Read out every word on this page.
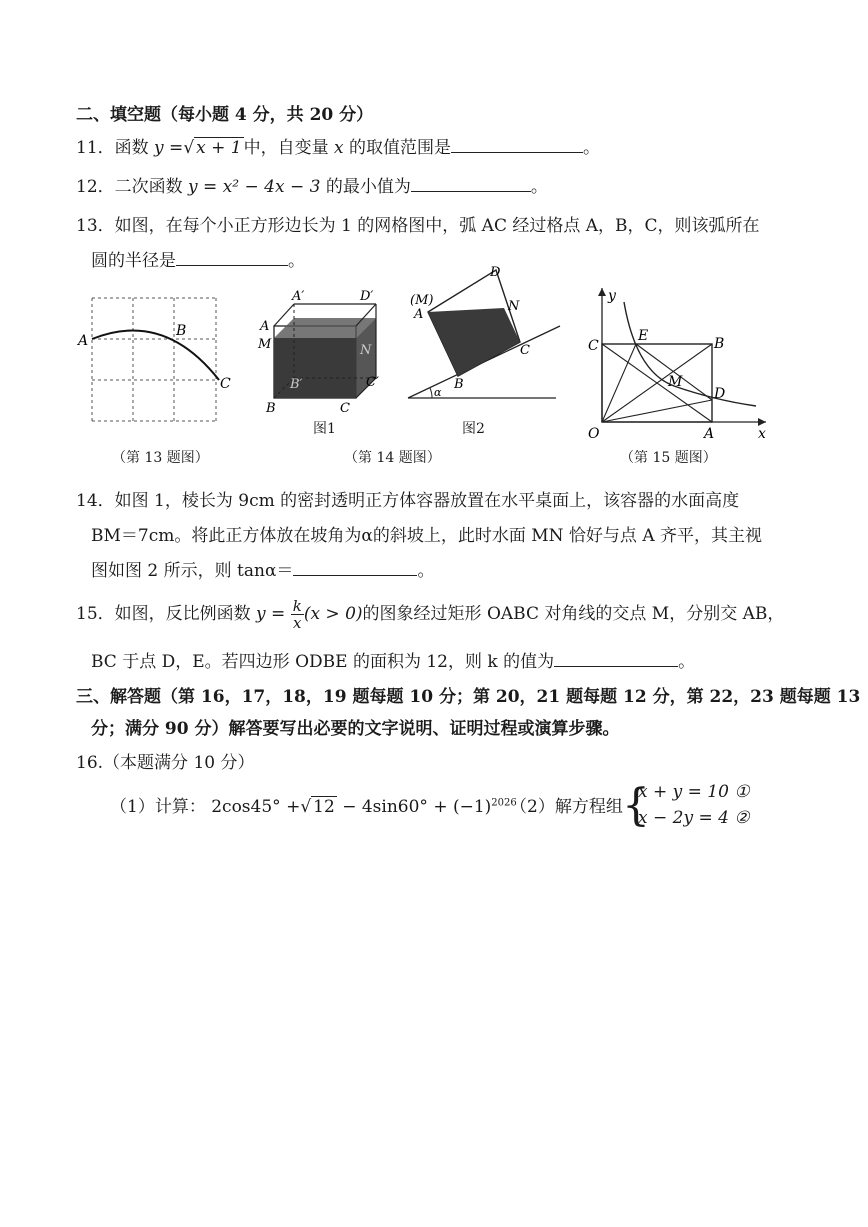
二、填空题（每小题 4 分，共 20 分）
11．函数 y =√ x + 1 中，自变量 x 的取值范围是	。
12．二次函数 y = x² − 4x − 3 的最小值为	。
13．如图，在每个小正方形边长为 1 的网格图中，弧 AC 经过格点 A，B，C，则该弧所在
圆的半径是	。
A
B
C
（第 13 题图）
A′	D′
A
M	N
B′	C′
B	C
图1
(M)
A
D
N
C
B
α
图2
（第 14 题图）
y
C
E	B
M
D
O	A	x
（第 15 题图）
14．如图 1，棱长为 9cm 的密封透明正方体容器放置在水平桌面上，该容器的水面高度
BM＝7cm。将此正方体放在坡角为α的斜坡上，此时水面 MN 恰好与点 A 齐平，其主视
图如图 2 所示，则 tanα＝	。
15．如图，反比例函数 $y = \frac{k}{x} (x > 0)$的图象经过矩形 OABC 对角线的交点 M，分别交 AB，
BC 于点 D，E。若四边形 ODBE 的面积为 12，则 k 的值为	。
三、解答题（第 16，17，18，19 题每题 10 分；第 20，21 题每题 12 分，第 22，23 题每题 13
分；满分 90 分）解答要写出必要的文字说明、证明过程或演算步骤。
16.（本题满分 10 分）
（1）计算： 2cos45° +√ $12 - 4\sin 60^\circ + (-1)^{2026}$
（2）解方程组 {
x + y = 10 ①
x − 2y = 4 ②
